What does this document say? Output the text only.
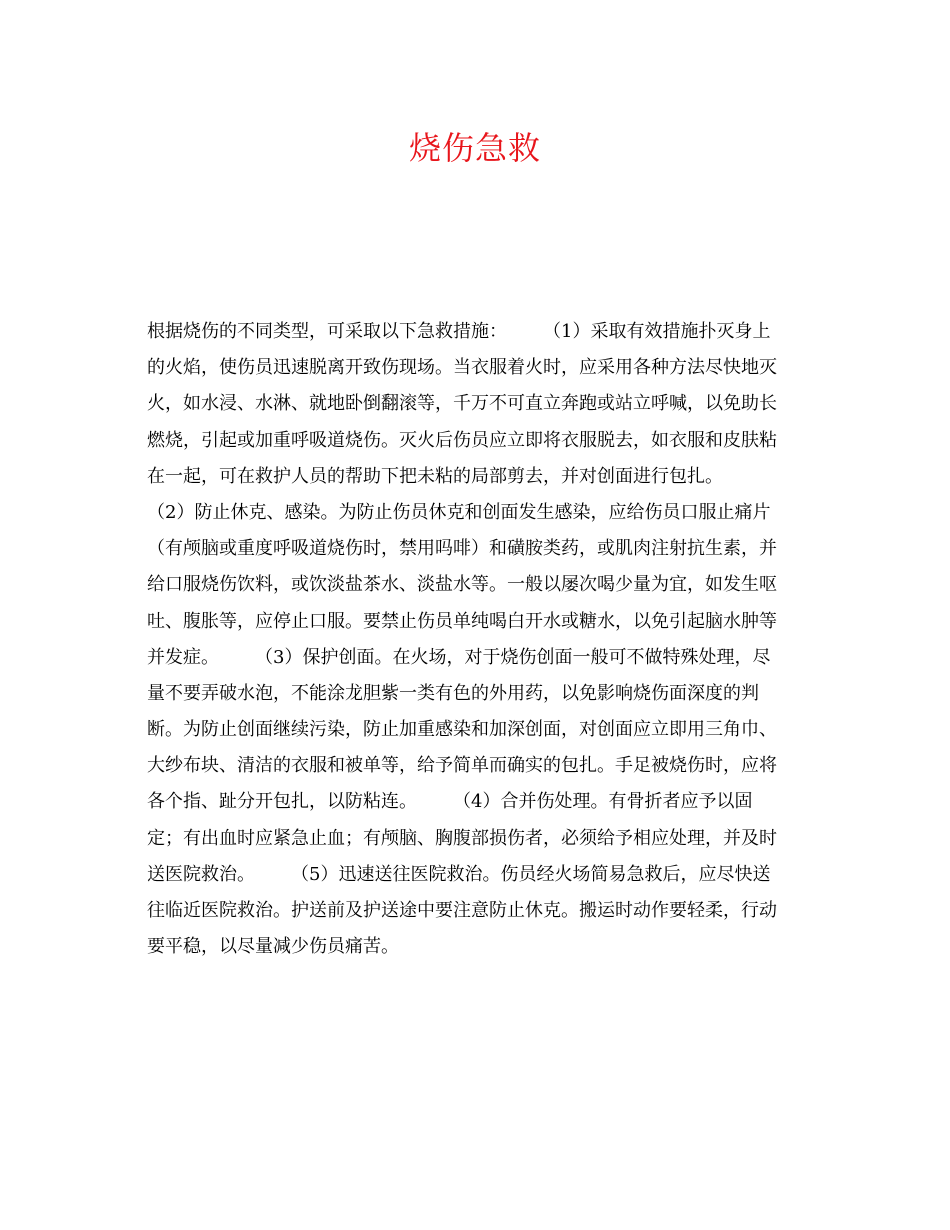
烧伤急救
根据烧伤的不同类型，可采取以下急救措施：　　　（1）采取有效措施扑灭身上
的火焰，使伤员迅速脱离开致伤现场。当衣服着火时，应采用各种方法尽快地灭
火，如水浸、水淋、就地卧倒翻滚等，千万不可直立奔跑或站立呼喊，以免助长
燃烧，引起或加重呼吸道烧伤。灭火后伤员应立即将衣服脱去，如衣服和皮肤粘
在一起，可在救护人员的帮助下把未粘的局部剪去，并对创面进行包扎。
（2）防止休克、感染。为防止伤员休克和创面发生感染，应给伤员口服止痛片
（有颅脑或重度呼吸道烧伤时，禁用吗啡）和磺胺类药，或肌肉注射抗生素，并
给口服烧伤饮料，或饮淡盐茶水、淡盐水等。一般以屡次喝少量为宜，如发生呕
吐、腹胀等，应停止口服。要禁止伤员单纯喝白开水或糖水，以免引起脑水肿等
并发症。　　　（3）保护创面。在火场，对于烧伤创面一般可不做特殊处理，尽
量不要弄破水泡，不能涂龙胆紫一类有色的外用药，以免影响烧伤面深度的判
断。为防止创面继续污染，防止加重感染和加深创面，对创面应立即用三角巾、
大纱布块、清洁的衣服和被单等，给予简单而确实的包扎。手足被烧伤时，应将
各个指、趾分开包扎，以防粘连。　　　（4）合并伤处理。有骨折者应予以固
定；有出血时应紧急止血；有颅脑、胸腹部损伤者，必须给予相应处理，并及时
送医院救治。　　　（5）迅速送往医院救治。伤员经火场简易急救后，应尽快送
往临近医院救治。护送前及护送途中要注意防止休克。搬运时动作要轻柔，行动
要平稳，以尽量减少伤员痛苦。
